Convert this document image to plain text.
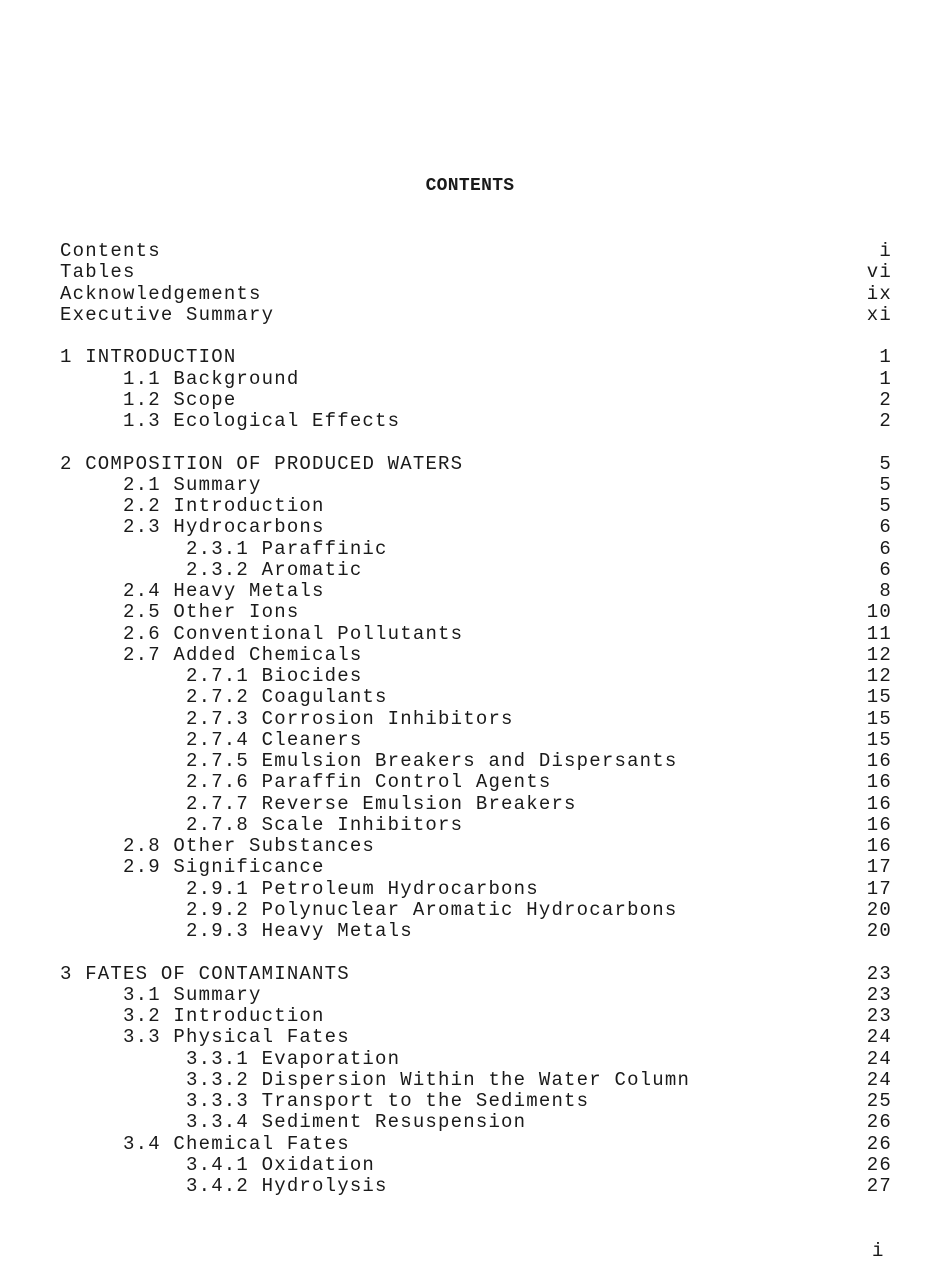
CONTENTS
Contents	i
Tables	vi
Acknowledgements	ix
Executive Summary	xi
1 INTRODUCTION	1
1.1 Background	1
1.2 Scope	2
1.3 Ecological Effects	2
2 COMPOSITION OF PRODUCED WATERS	5
2.1 Summary	5
2.2 Introduction	5
2.3 Hydrocarbons	6
2.3.1 Paraffinic	6
2.3.2 Aromatic	6
2.4 Heavy Metals	8
2.5 Other Ions	10
2.6 Conventional Pollutants	11
2.7 Added Chemicals	12
2.7.1 Biocides	12
2.7.2 Coagulants	15
2.7.3 Corrosion Inhibitors	15
2.7.4 Cleaners	15
2.7.5 Emulsion Breakers and Dispersants	16
2.7.6 Paraffin Control Agents	16
2.7.7 Reverse Emulsion Breakers	16
2.7.8 Scale Inhibitors	16
2.8 Other Substances	16
2.9 Significance	17
2.9.1 Petroleum Hydrocarbons	17
2.9.2 Polynuclear Aromatic Hydrocarbons	20
2.9.3 Heavy Metals	20
3 FATES OF CONTAMINANTS	23
3.1 Summary	23
3.2 Introduction	23
3.3 Physical Fates	24
3.3.1 Evaporation	24
3.3.2 Dispersion Within the Water Column	24
3.3.3 Transport to the Sediments	25
3.3.4 Sediment Resuspension	26
3.4 Chemical Fates	26
3.4.1 Oxidation	26
3.4.2 Hydrolysis	27
i
